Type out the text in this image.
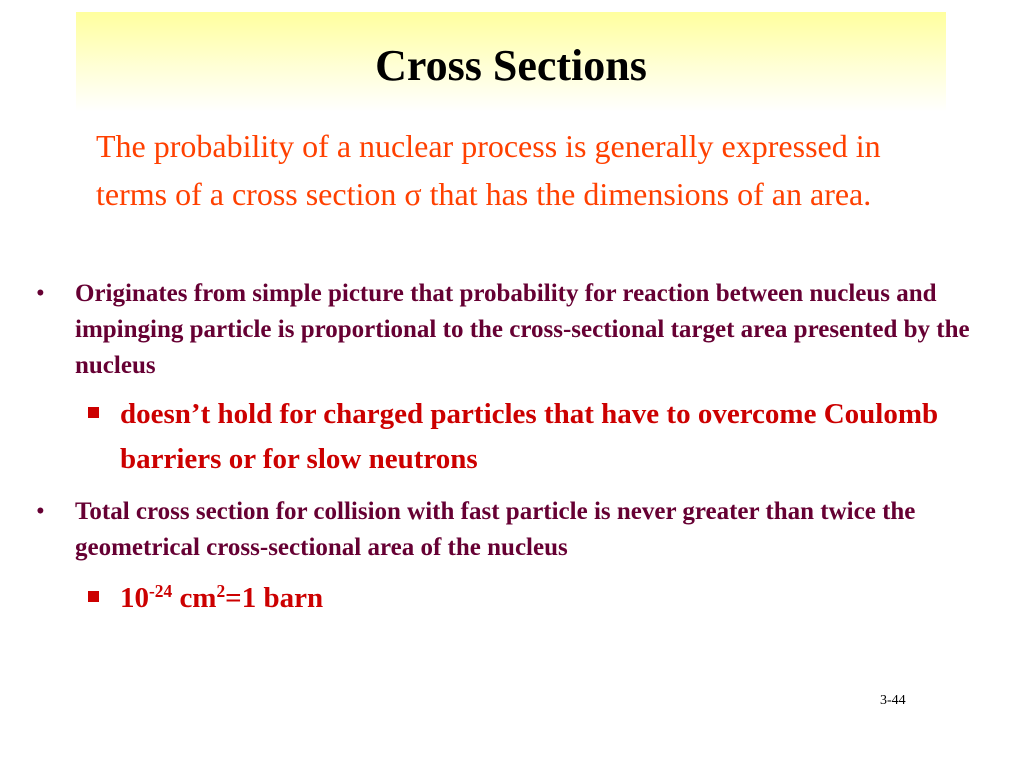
Cross Sections

The probability of a nuclear process is generally expressed in terms of a cross section σ that has the dimensions of an area.

• Originates from simple picture that probability for reaction between nucleus and impinging particle is proportional to the cross-sectional target area presented by the nucleus
doesn’t hold for charged particles that have to overcome Coulomb barriers or for slow neutrons
• Total cross section for collision with fast particle is never greater than twice the geometrical cross-sectional area of the nucleus
$10^{-24}$ $cm^2=1$ barn
3-44
